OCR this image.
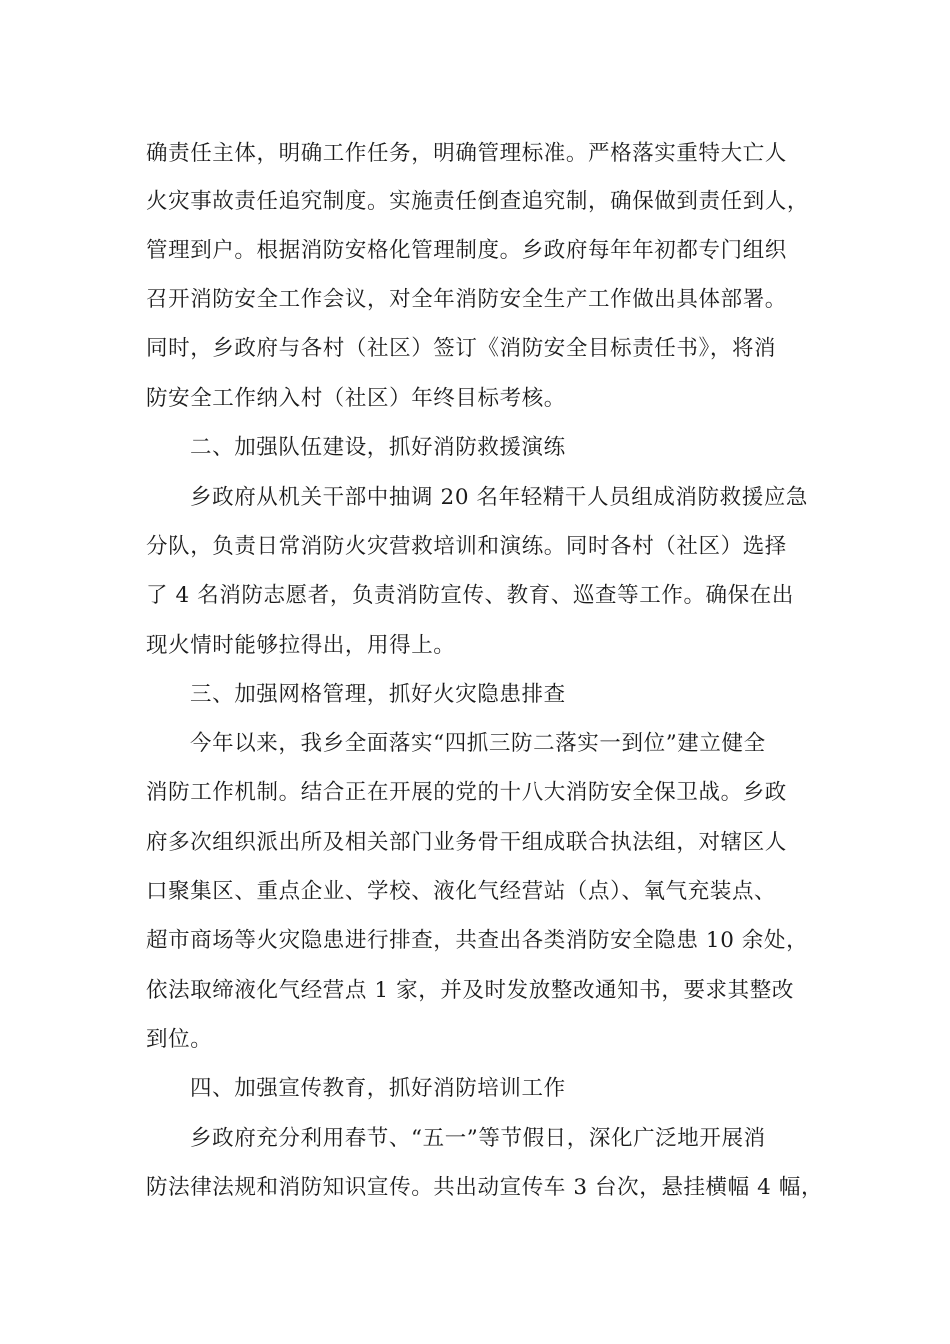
确责任主体，明确工作任务，明确管理标准。严格落实重特大亡人
火灾事故责任追究制度。实施责任倒查追究制，确保做到责任到人，
管理到户。根据消防安格化管理制度。乡政府每年年初都专门组织
召开消防安全工作会议，对全年消防安全生产工作做出具体部署。
同时，乡政府与各村（社区）签订《消防安全目标责任书》，将消
防安全工作纳入村（社区）年终目标考核。
二、加强队伍建设，抓好消防救援演练
乡政府从机关干部中抽调 20 名年轻精干人员组成消防救援应急
分队，负责日常消防火灾营救培训和演练。同时各村（社区）选择
了 4 名消防志愿者，负责消防宣传、教育、巡查等工作。确保在出
现火情时能够拉得出，用得上。
三、加强网格管理，抓好火灾隐患排查
今年以来，我乡全面落实“四抓三防二落实一到位”建立健全
消防工作机制。结合正在开展的党的十八大消防安全保卫战。乡政
府多次组织派出所及相关部门业务骨干组成联合执法组，对辖区人
口聚集区、重点企业、学校、液化气经营站（点）、氧气充装点、
超市商场等火灾隐患进行排查，共查出各类消防安全隐患 10 余处，
依法取缔液化气经营点 1 家，并及时发放整改通知书，要求其整改
到位。
四、加强宣传教育，抓好消防培训工作
乡政府充分利用春节、“五一”等节假日，深化广泛地开展消
防法律法规和消防知识宣传。共出动宣传车 3 台次，悬挂横幅 4 幅，
